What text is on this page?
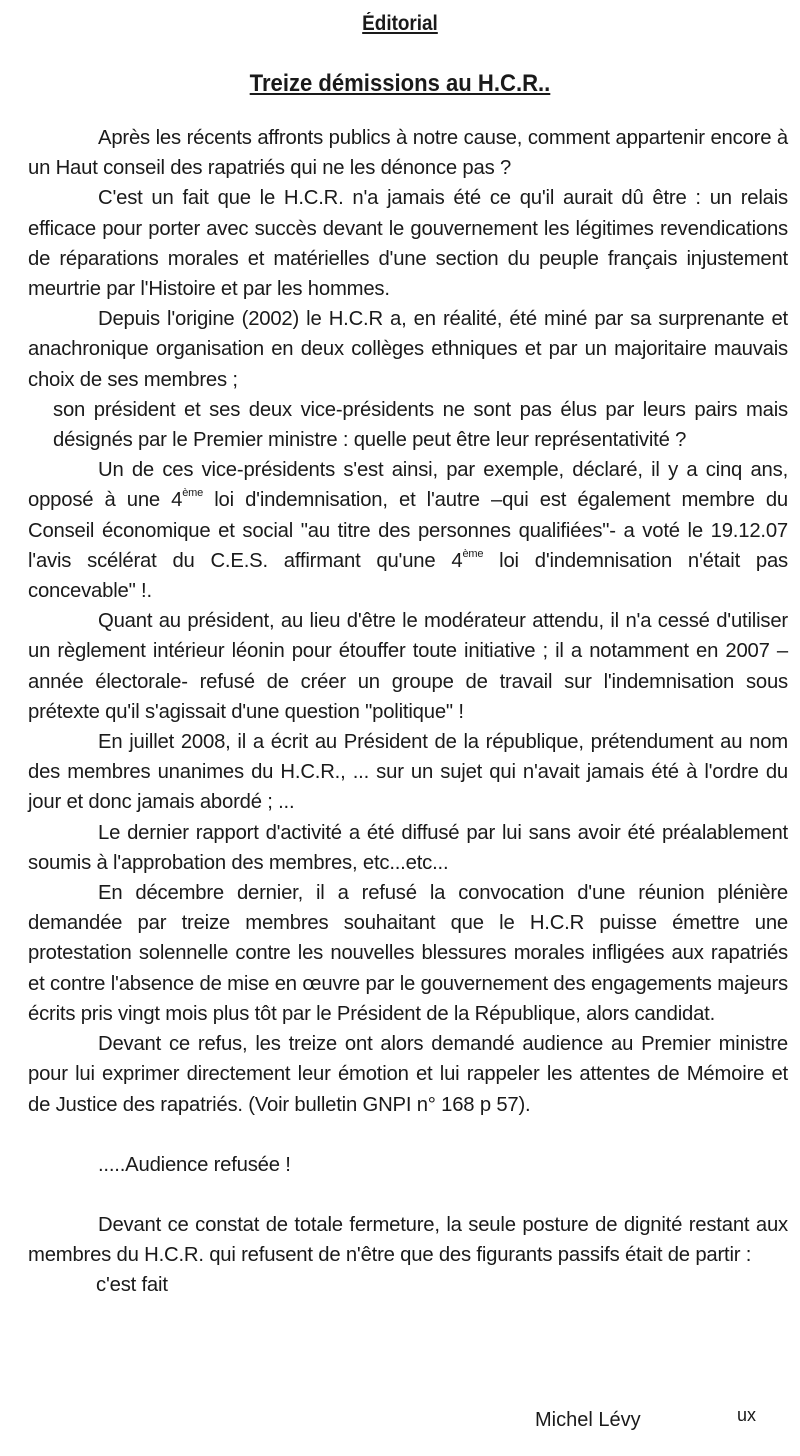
Éditorial
Treize démissions au H.C.R..

Après les récents affronts publics à notre cause, comment appartenir encore à un Haut conseil des rapatriés qui ne les dénonce pas ?

C'est un fait que le H.C.R. n'a jamais été ce qu'il aurait dû être : un relais efficace pour porter avec succès devant le gouvernement les légitimes revendications de réparations morales et matérielles d'une section du peuple français injustement meurtrie par l'Histoire et par les hommes.

Depuis l'origine (2002) le H.C.R a, en réalité, été miné par sa surprenante et anachronique organisation en deux collèges ethniques et par un majoritaire mauvais choix de ses membres ;

son président et ses deux vice-présidents ne sont pas élus par leurs pairs mais désignés par le Premier ministre : quelle peut être leur représentativité ?

Un de ces vice-présidents s'est ainsi, par exemple, déclaré, il y a cinq ans, opposé à une 4ème loi d'indemnisation, et l'autre –qui est également membre du Conseil économique et social "au titre des personnes qualifiées"- a voté le 19.12.07 l'avis scélérat du C.E.S. affirmant qu'une 4ème loi d'indemnisation n'était pas concevable" !.

Quant au président, au lieu d'être le modérateur attendu, il n'a cessé d'utiliser un règlement intérieur léonin pour étouffer toute initiative ; il a notamment en 2007 –année électorale- refusé de créer un groupe de travail sur l'indemnisation sous prétexte qu'il s'agissait d'une question "politique" !

En juillet 2008, il a écrit au Président de la république, prétendument au nom des membres unanimes du H.C.R., ... sur un sujet qui n'avait jamais été à l'ordre du jour et donc jamais abordé ; ...

Le dernier rapport d'activité a été diffusé par lui sans avoir été préalablement soumis à l'approbation des membres, etc...etc...

En décembre dernier, il a refusé la convocation d'une réunion plénière demandée par treize membres souhaitant que le H.C.R puisse émettre une protestation solennelle contre les nouvelles blessures morales infligées aux rapatriés et contre l'absence de mise en œuvre par le gouvernement des engagements majeurs écrits pris vingt mois plus tôt par le Président de la République, alors candidat.

Devant ce refus, les treize ont alors demandé audience au Premier ministre pour lui exprimer directement leur émotion et lui rappeler les attentes de Mémoire et de Justice des rapatriés. (Voir bulletin GNPI n° 168 p 57).

.....Audience refusée !

Devant ce constat de totale fermeture, la seule posture de dignité restant aux membres du H.C.R. qui refusent de n'être que des figurants passifs était de partir :

c'est fait

Michel Lévy	ux
